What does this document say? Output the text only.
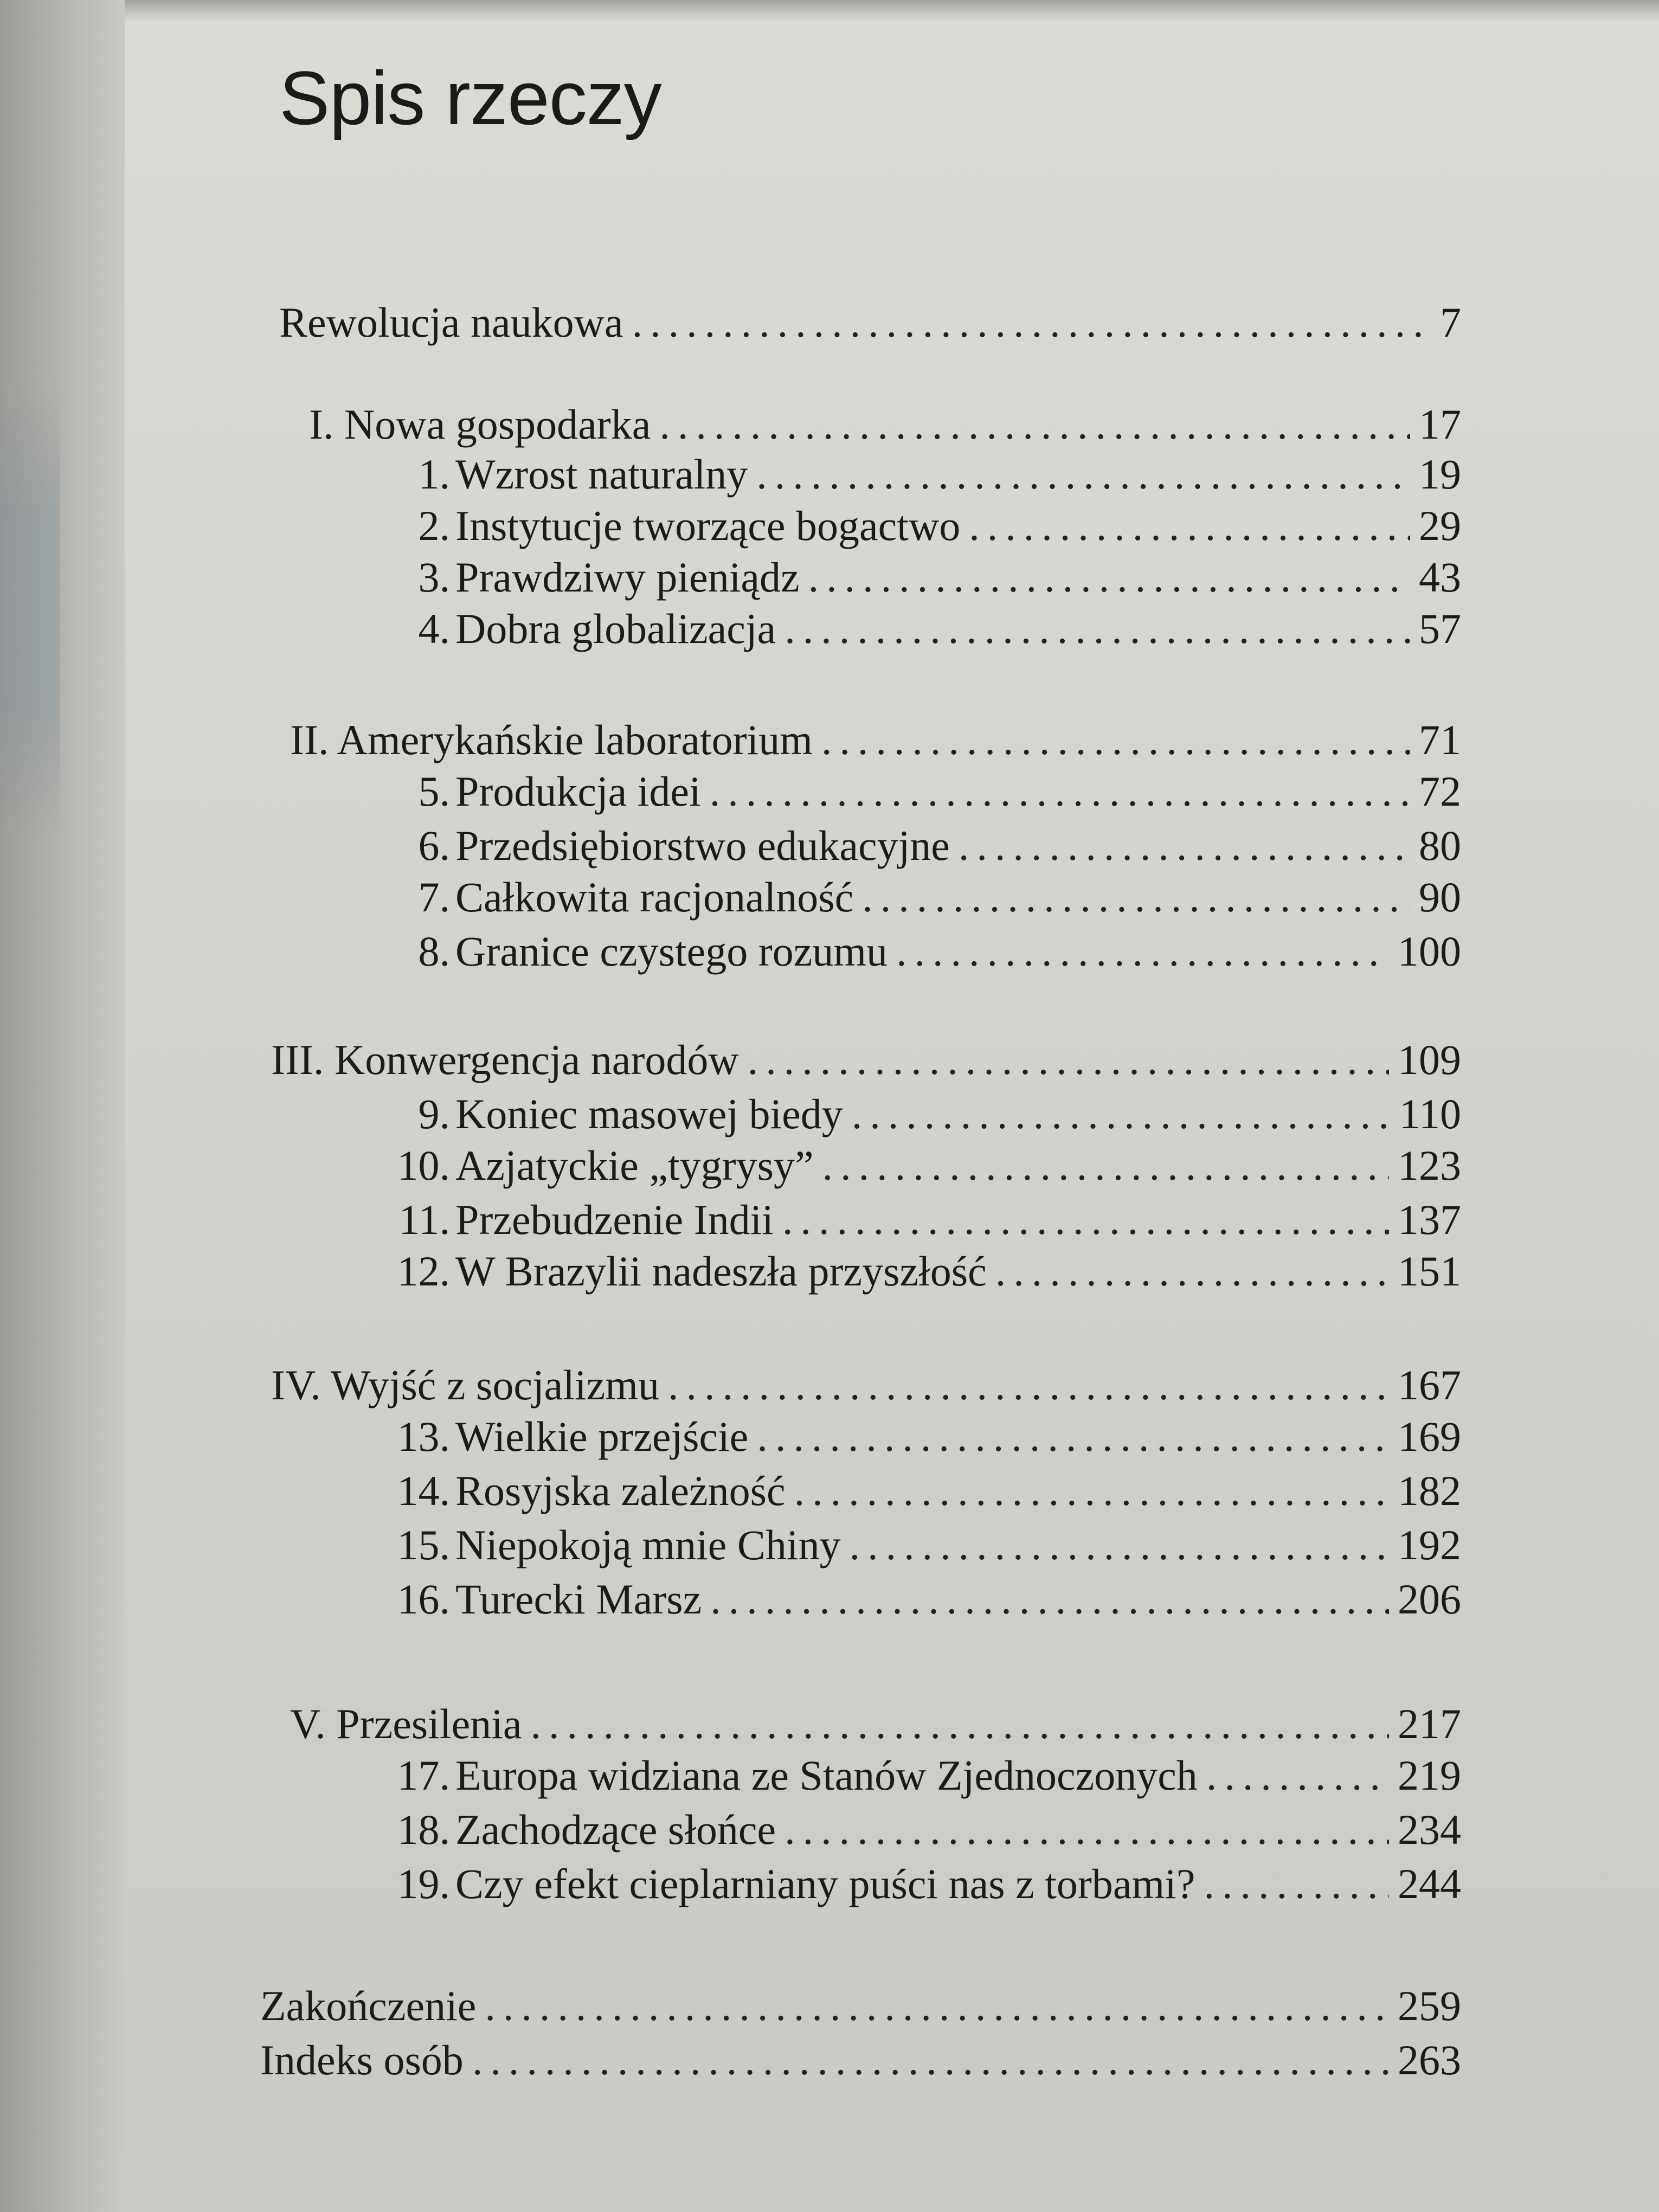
Spis rzeczy
Rewolucja naukowa .....	7
I. Nowa gospodarka .....	17
1. Wzrost naturalny .....	19
2. Instytucje tworzące bogactwo .....	29
3. Prawdziwy pieniądz .....	43
4. Dobra globalizacja .....	57
II. Amerykańskie laboratorium .....	71
5. Produkcja idei .....	72
6. Przedsiębiorstwo edukacyjne .....	80
7. Całkowita racjonalność .....	90
8. Granice czystego rozumu .....	100
III. Konwergencja narodów .....	109
9. Koniec masowej biedy .....	110
10. Azjatyckie „tygrysy” .....	123
11. Przebudzenie Indii .....	137
12. W Brazylii nadeszła przyszłość .....	151
IV. Wyjść z socjalizmu .....	167
13. Wielkie przejście .....	169
14. Rosyjska zależność .....	182
15. Niepokoją mnie Chiny .....	192
16. Turecki Marsz .....	206
V. Przesilenia .....	217
17. Europa widziana ze Stanów Zjednoczonych .....	219
18. Zachodzące słońce .....	234
19. Czy efekt cieplarniany puści nas z torbami? .....	244
Zakończenie .....	259
Indeks osób .....	263
